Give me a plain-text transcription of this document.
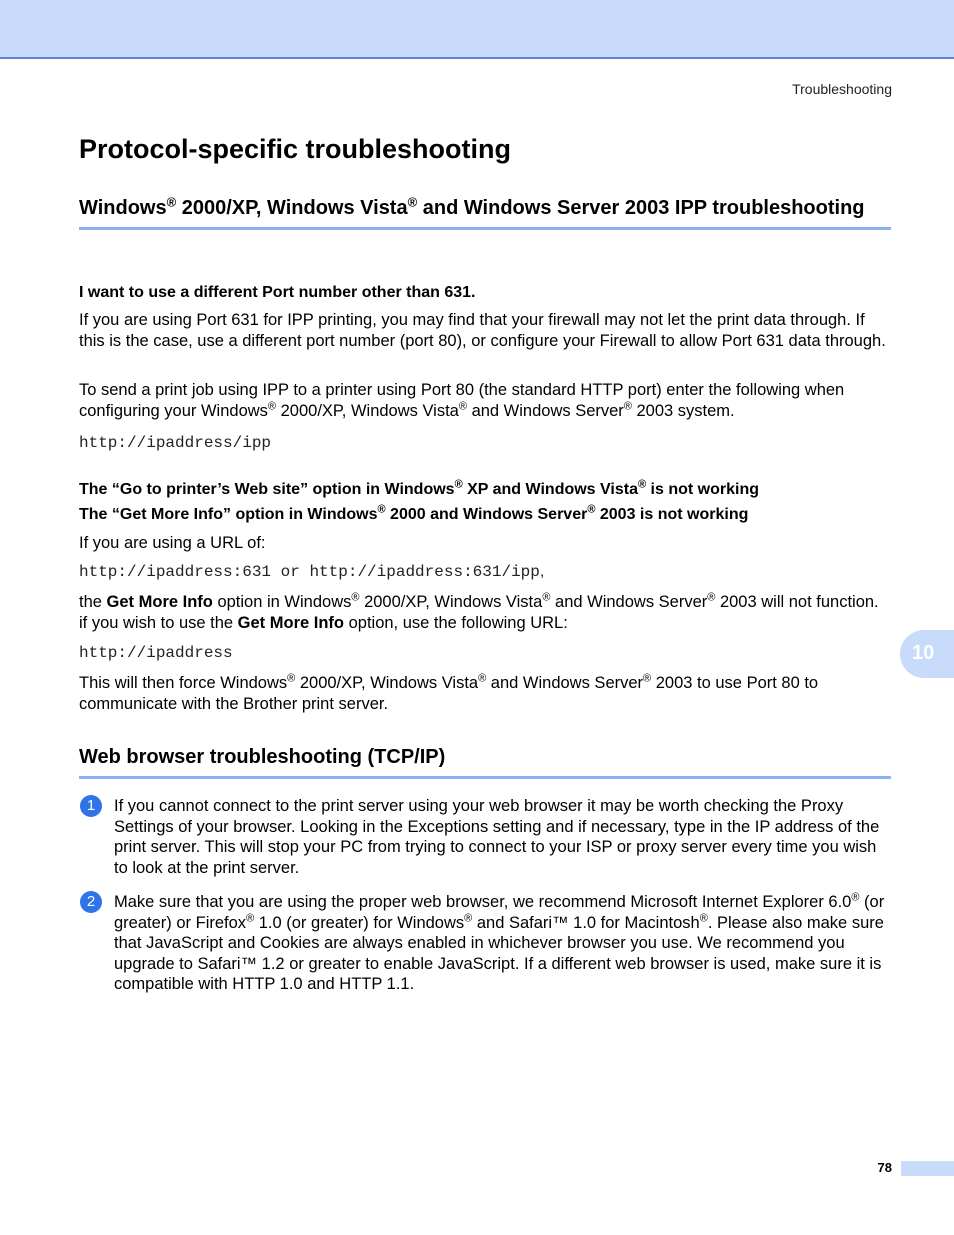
Troubleshooting
Protocol-specific troubleshooting
Windows® 2000/XP, Windows Vista® and Windows Server 2003 IPP troubleshooting
I want to use a different Port number other than 631.

If you are using Port 631 for IPP printing, you may find that your firewall may not let the print data through. If this is the case, use a different port number (port 80), or configure your Firewall to allow Port 631 data through.

To send a print job using IPP to a printer using Port 80 (the standard HTTP port) enter the following when configuring your Windows® 2000/XP, Windows Vista® and Windows Server® 2003 system.

http://ipaddress/ipp
The “Go to printer’s Web site” option in Windows® XP and Windows Vista® is not working
The “Get More Info” option in Windows® 2000 and Windows Server® 2003 is not working

If you are using a URL of:

http://ipaddress:631 or http://ipaddress:631/ipp,

the Get More Info option in Windows® 2000/XP, Windows Vista® and Windows Server® 2003 will not function. if you wish to use the Get More Info option, use the following URL:

http://ipaddress

This will then force Windows® 2000/XP, Windows Vista® and Windows Server® 2003 to use Port 80 to communicate with the Brother print server.

Web browser troubleshooting (TCP/IP)
1	If you cannot connect to the print server using your web browser it may be worth checking the Proxy Settings of your browser. Looking in the Exceptions setting and if necessary, type in the IP address of the print server. This will stop your PC from trying to connect to your ISP or proxy server every time you wish to look at the print server.

2	Make sure that you are using the proper web browser, we recommend Microsoft Internet Explorer 6.0® (or greater) or Firefox® 1.0 (or greater) for Windows® and Safari™ 1.0 for Macintosh®. Please also make sure that JavaScript and Cookies are always enabled in whichever browser you use. We recommend you upgrade to Safari™ 1.2 or greater to enable JavaScript. If a different web browser is used, make sure it is compatible with HTTP 1.0 and HTTP 1.1.

10
78
